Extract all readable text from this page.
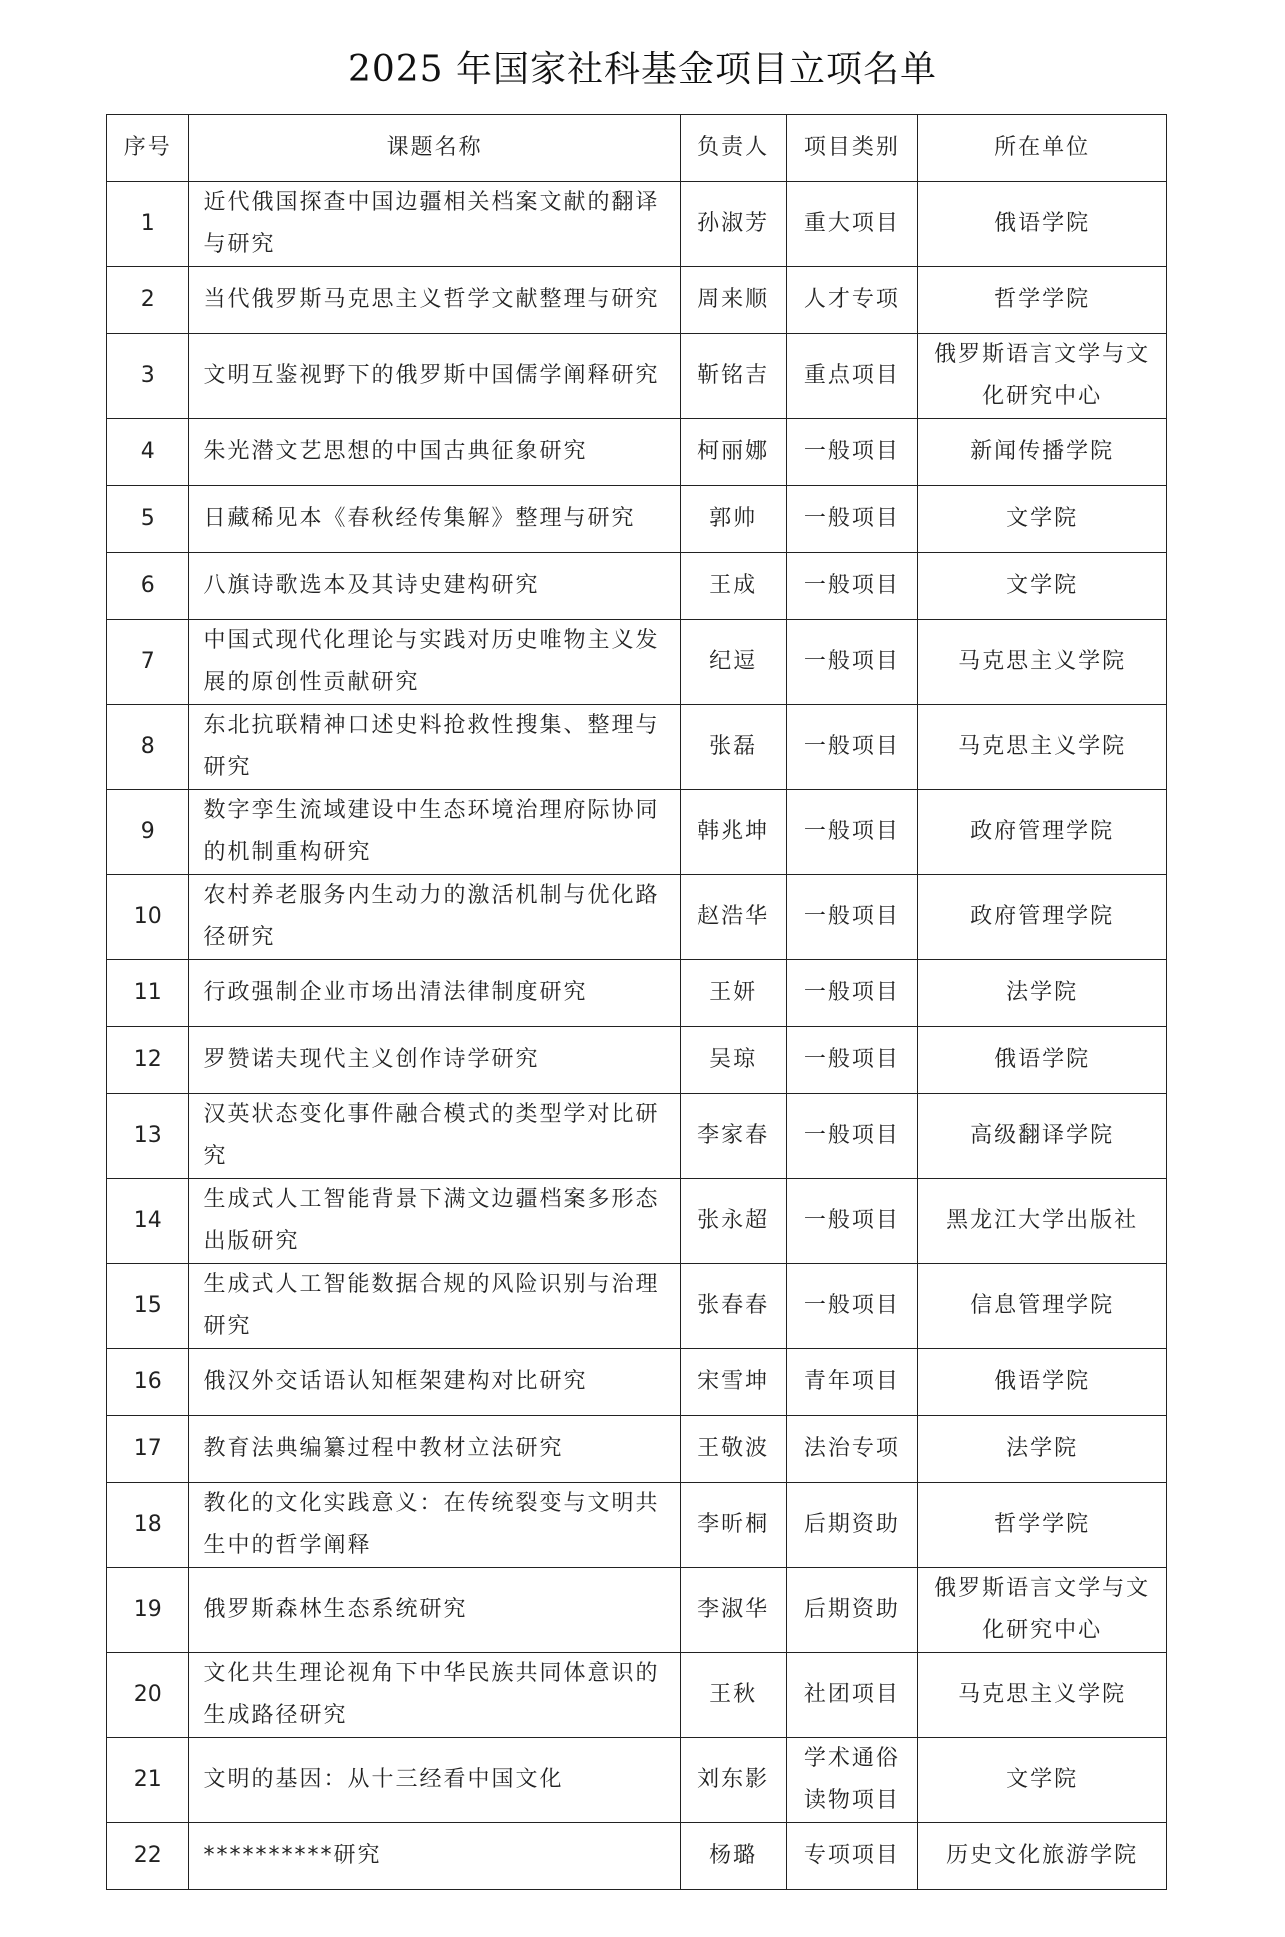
2025 年国家社科基金项目立项名单
序号	课题名称	负责人	项目类别	所在单位
1	近代俄国探查中国边疆相关档案文献的翻译与研究	孙淑芳	重大项目	俄语学院
2	当代俄罗斯马克思主义哲学文献整理与研究	周来顺	人才专项	哲学学院
3	文明互鉴视野下的俄罗斯中国儒学阐释研究	靳铭吉	重点项目	俄罗斯语言文学与文化研究中心
4	朱光潜文艺思想的中国古典征象研究	柯丽娜	一般项目	新闻传播学院
5	日藏稀见本《春秋经传集解》整理与研究	郭帅	一般项目	文学院
6	八旗诗歌选本及其诗史建构研究	王成	一般项目	文学院
7	中国式现代化理论与实践对历史唯物主义发展的原创性贡献研究	纪逗	一般项目	马克思主义学院
8	东北抗联精神口述史料抢救性搜集、整理与研究	张磊	一般项目	马克思主义学院
9	数字孪生流域建设中生态环境治理府际协同的机制重构研究	韩兆坤	一般项目	政府管理学院
10	农村养老服务内生动力的激活机制与优化路径研究	赵浩华	一般项目	政府管理学院
11	行政强制企业市场出清法律制度研究	王妍	一般项目	法学院
12	罗赞诺夫现代主义创作诗学研究	吴琼	一般项目	俄语学院
13	汉英状态变化事件融合模式的类型学对比研究	李家春	一般项目	高级翻译学院
14	生成式人工智能背景下满文边疆档案多形态出版研究	张永超	一般项目	黑龙江大学出版社
15	生成式人工智能数据合规的风险识别与治理研究	张春春	一般项目	信息管理学院
16	俄汉外交话语认知框架建构对比研究	宋雪坤	青年项目	俄语学院
17	教育法典编纂过程中教材立法研究	王敬波	法治专项	法学院
18	教化的文化实践意义：在传统裂变与文明共生中的哲学阐释	李昕桐	后期资助	哲学学院
19	俄罗斯森林生态系统研究	李淑华	后期资助	俄罗斯语言文学与文化研究中心
20	文化共生理论视角下中华民族共同体意识的生成路径研究	王秋	社团项目	马克思主义学院
21	文明的基因：从十三经看中国文化	刘东影	学术通俗读物项目	文学院
22	**********研究	杨璐	专项项目	历史文化旅游学院
